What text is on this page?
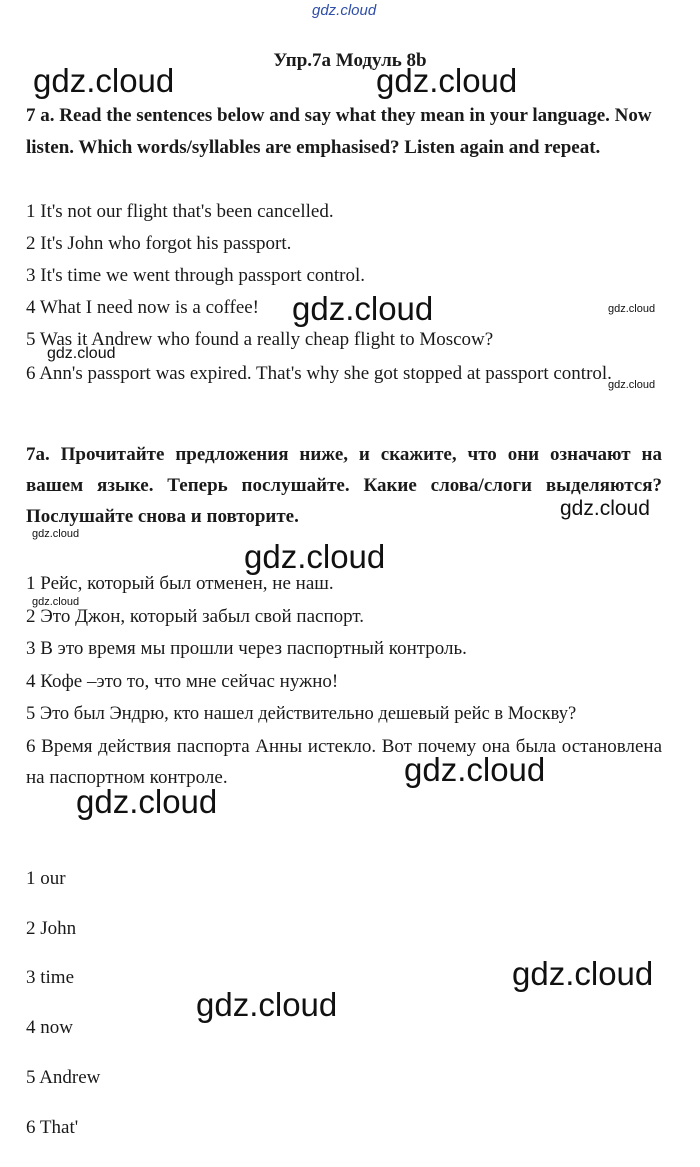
gdz.cloud
Упр.7а Модуль 8b
7 a. Read the sentences below and say what they mean in your language. Now listen. Which words/syllables are emphasised? Listen again and repeat.
1 It's not our flight that's been cancelled.
2 It's John who forgot his passport.
3 It's time we went through passport control.
4 What I need now is a coffee!
5 Was it Andrew who found a really cheap flight to Moscow?
6 Ann's passport was expired. That's why she got stopped at passport control.
7а. Прочитайте предложения ниже, и скажите, что они означают на вашем языке. Теперь послушайте. Какие слова/слоги выделяются? Послушайте снова и повторите.
1 Рейс, который был отменен, не наш.
2 Это Джон, который забыл свой паспорт.
3 В это время мы прошли через паспортный контроль.
4 Кофе –это то, что мне сейчас нужно!
5 Это был Эндрю, кто нашел действительно дешевый рейс в Москву?
6 Время действия паспорта Анны истекло. Вот почему она была остановлена на паспортном контроле.
1 our
2 John
3 time
4 now
5 Andrew
6 That'
gdz.cloud	gdz.cloud
gdz.cloud	gdz.cloud
gdz.cloud
gdz.cloud
gdz.cloud
gdz.cloud
gdz.cloud
gdz.cloud
gdz.cloud
gdz.cloud
gdz.cloud
gdz.cloud
